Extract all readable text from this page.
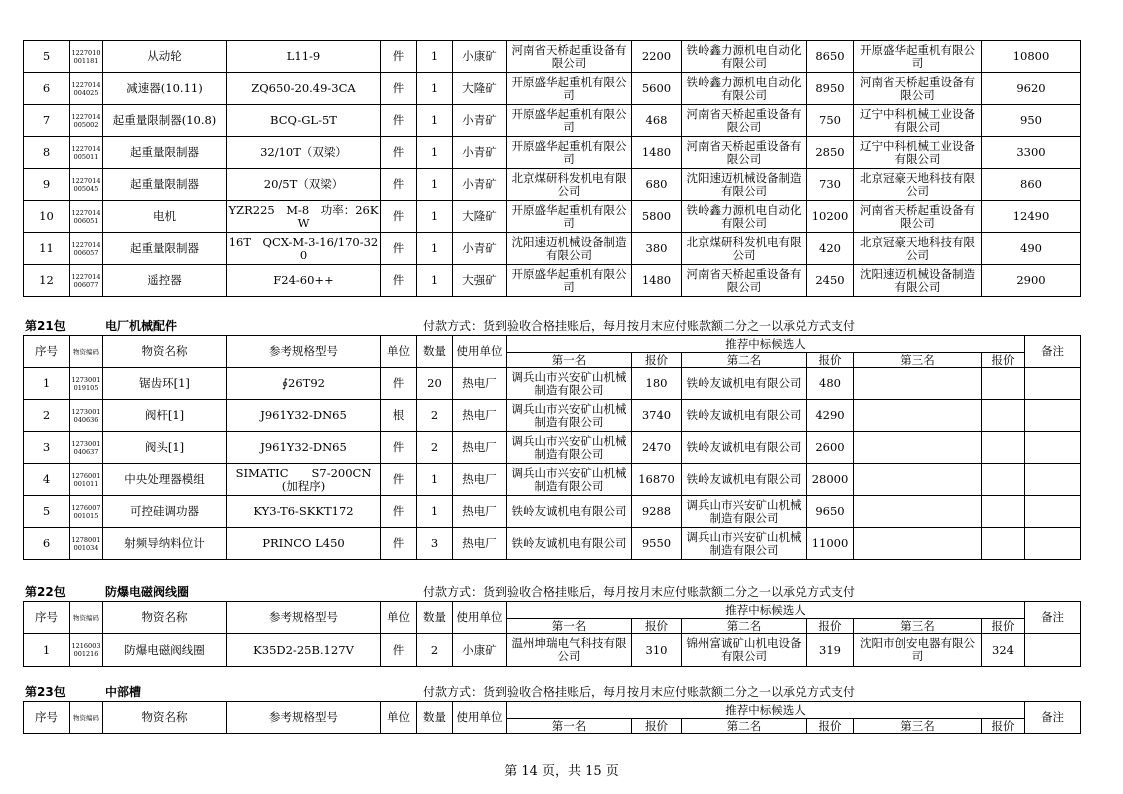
5	1227010 001181	从动轮	L11-9	件	1	小康矿	河南省天桥起重设备有限公司	2200	铁岭鑫力源机电自动化有限公司	8650	开原盛华起重机有限公司	10800
6	1227014 004025	减速器(10.11)	ZQ650-20.49-3CA	件	1	大隆矿	开原盛华起重机有限公司	5600	铁岭鑫力源机电自动化有限公司	8950	河南省天桥起重设备有限公司	9620
7	1227014 005002	起重量限制器(10.8)	BCQ-GL-5T	件	1	小青矿	开原盛华起重机有限公司	468	河南省天桥起重设备有限公司	750	辽宁中科机械工业设备有限公司	950
8	1227014 005011	起重量限制器	32/10T（双梁）	件	1	小青矿	开原盛华起重机有限公司	1480	河南省天桥起重设备有限公司	2850	辽宁中科机械工业设备有限公司	3300
9	1227014 005045	起重量限制器	20/5T（双梁）	件	1	小青矿	北京煤研科发机电有限公司	680	沈阳速迈机械设备制造有限公司	730	北京冠豪天地科技有限公司	860
10	1227014 006051	电机	YZR225　M-8　功率：26KW	件	1	大隆矿	开原盛华起重机有限公司	5800	铁岭鑫力源机电自动化有限公司	10200	河南省天桥起重设备有限公司	12490
11	1227014 006057	起重量限制器	16T　QCX-M-3-16/170-320	件	1	小青矿	沈阳速迈机械设备制造有限公司	380	北京煤研科发机电有限公司	420	北京冠豪天地科技有限公司	490
12	1227014 006077	遥控器	F24-60++	件	1	大强矿	开原盛华起重机有限公司	1480	河南省天桥起重设备有限公司	2450	沈阳速迈机械设备制造有限公司	2900
第21包	电厂机械配件	付款方式：货到验收合格挂账后，每月按月末应付账款额二分之一以承兑方式支付
序号	物资编码	物资名称	参考规格型号	单位	数量	使用单位	推荐中标候选人						备注
							第一名	报价	第二名	报价	第三名	报价	
1	1273001 019105	锯齿环[1]	∮26T92	件	20	热电厂	调兵山市兴安矿山机械制造有限公司	180	铁岭友诚机电有限公司	480			
2	1273001 040636	阀杆[1]	J961Y32-DN65	根	2	热电厂	调兵山市兴安矿山机械制造有限公司	3740	铁岭友诚机电有限公司	4290			
3	1273001 040637	阀头[1]	J961Y32-DN65	件	2	热电厂	调兵山市兴安矿山机械制造有限公司	2470	铁岭友诚机电有限公司	2600			
4	1276001 001011	中央处理器模组	SIMATIC　　S7-200CN(加程序)	件	1	热电厂	调兵山市兴安矿山机械制造有限公司	16870	铁岭友诚机电有限公司	28000			
5	1276007 001015	可控硅调功器	KY3-T6-SKKT172	件	1	热电厂	铁岭友诚机电有限公司	9288	调兵山市兴安矿山机械制造有限公司	9650			
6	1278001 001034	射频导纳料位计	PRINCO L450	件	3	热电厂	铁岭友诚机电有限公司	9550	调兵山市兴安矿山机械制造有限公司	11000			
第22包	防爆电磁阀线圈	付款方式：货到验收合格挂账后，每月按月末应付账款额二分之一以承兑方式支付
序号	物资编码	物资名称	参考规格型号	单位	数量	使用单位	推荐中标候选人						备注
							第一名	报价	第二名	报价	第三名	报价	
1	1216003 001216	防爆电磁阀线圈	K35D2-25B.127V	件	2	小康矿	温州坤瑞电气科技有限公司	310	锦州富诚矿山机电设备有限公司	319	沈阳市创安电器有限公司	324	
第23包	中部槽	付款方式：货到验收合格挂账后，每月按月末应付账款额二分之一以承兑方式支付
序号	物资编码	物资名称	参考规格型号	单位	数量	使用单位	推荐中标候选人						备注
							第一名	报价	第二名	报价	第三名	报价	
第 14 页，共 15 页
